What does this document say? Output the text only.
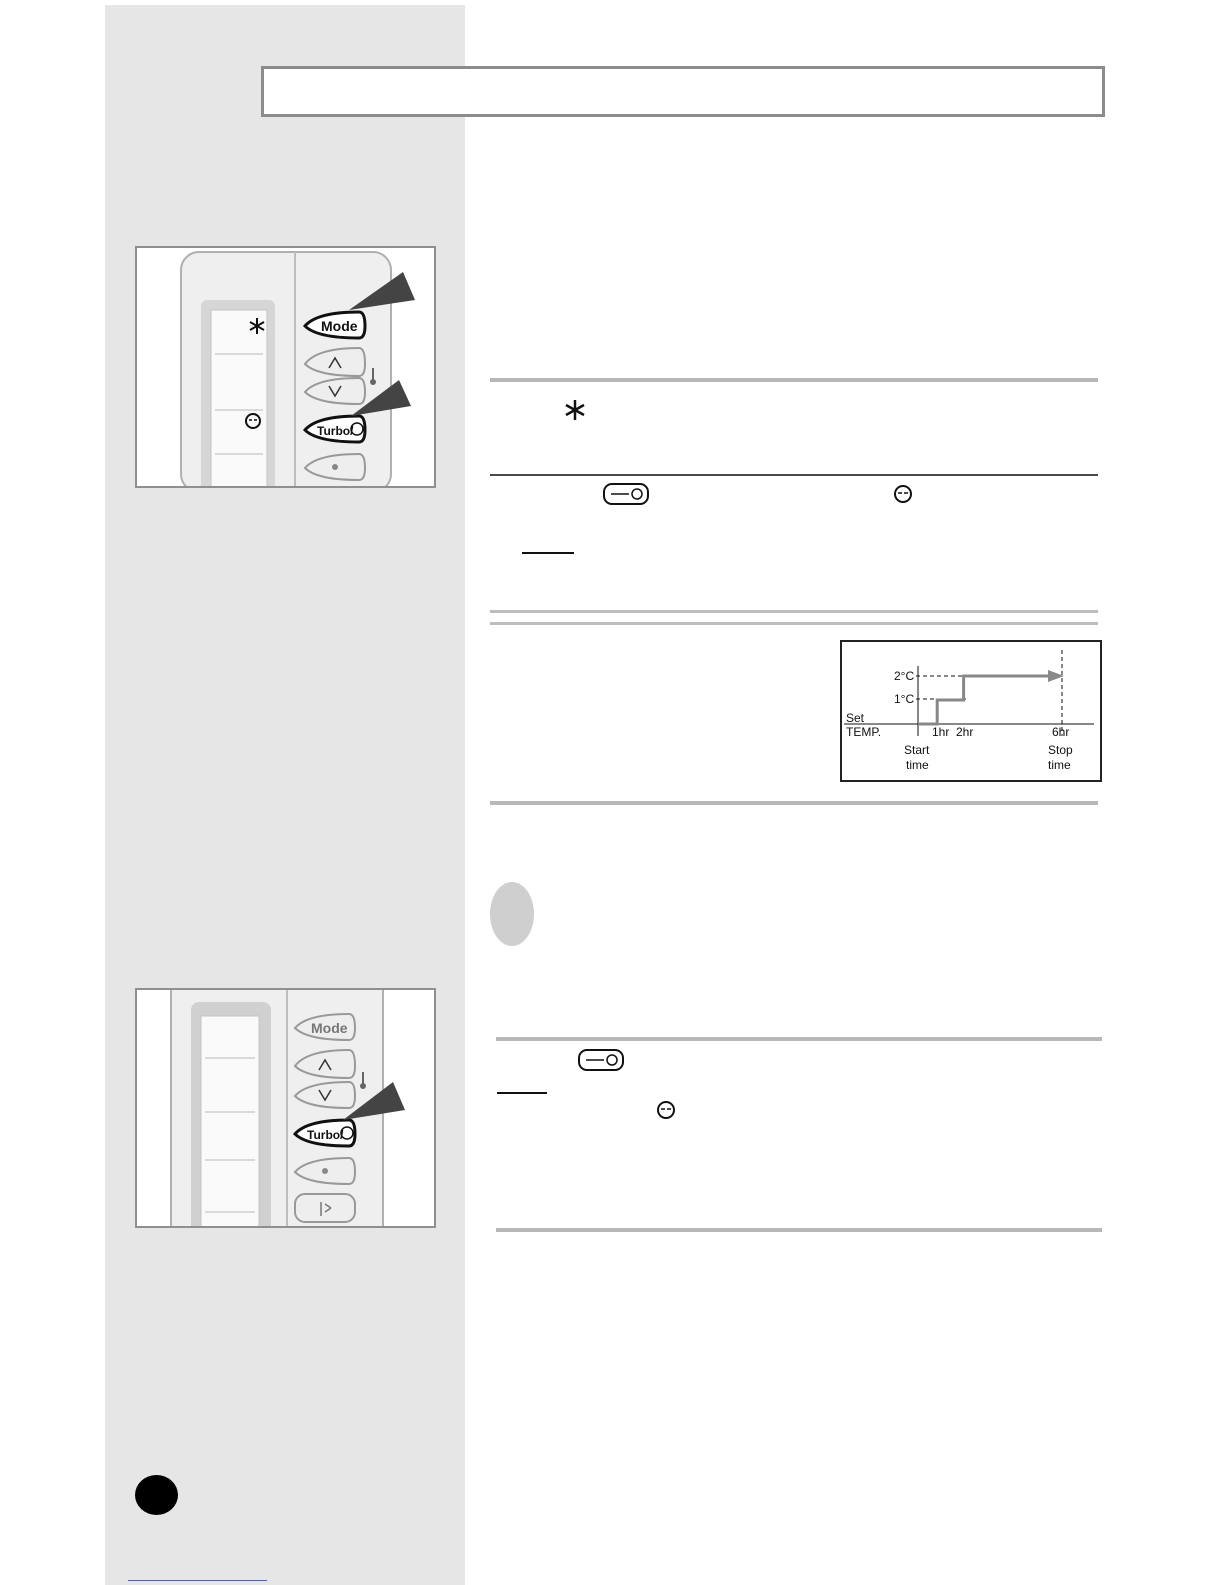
Mode
Turbo/
Mode
Turbo/
2°C
1°C
Set
TEMP.	1hr 2hr	6hr
Start
time
Stop
time
